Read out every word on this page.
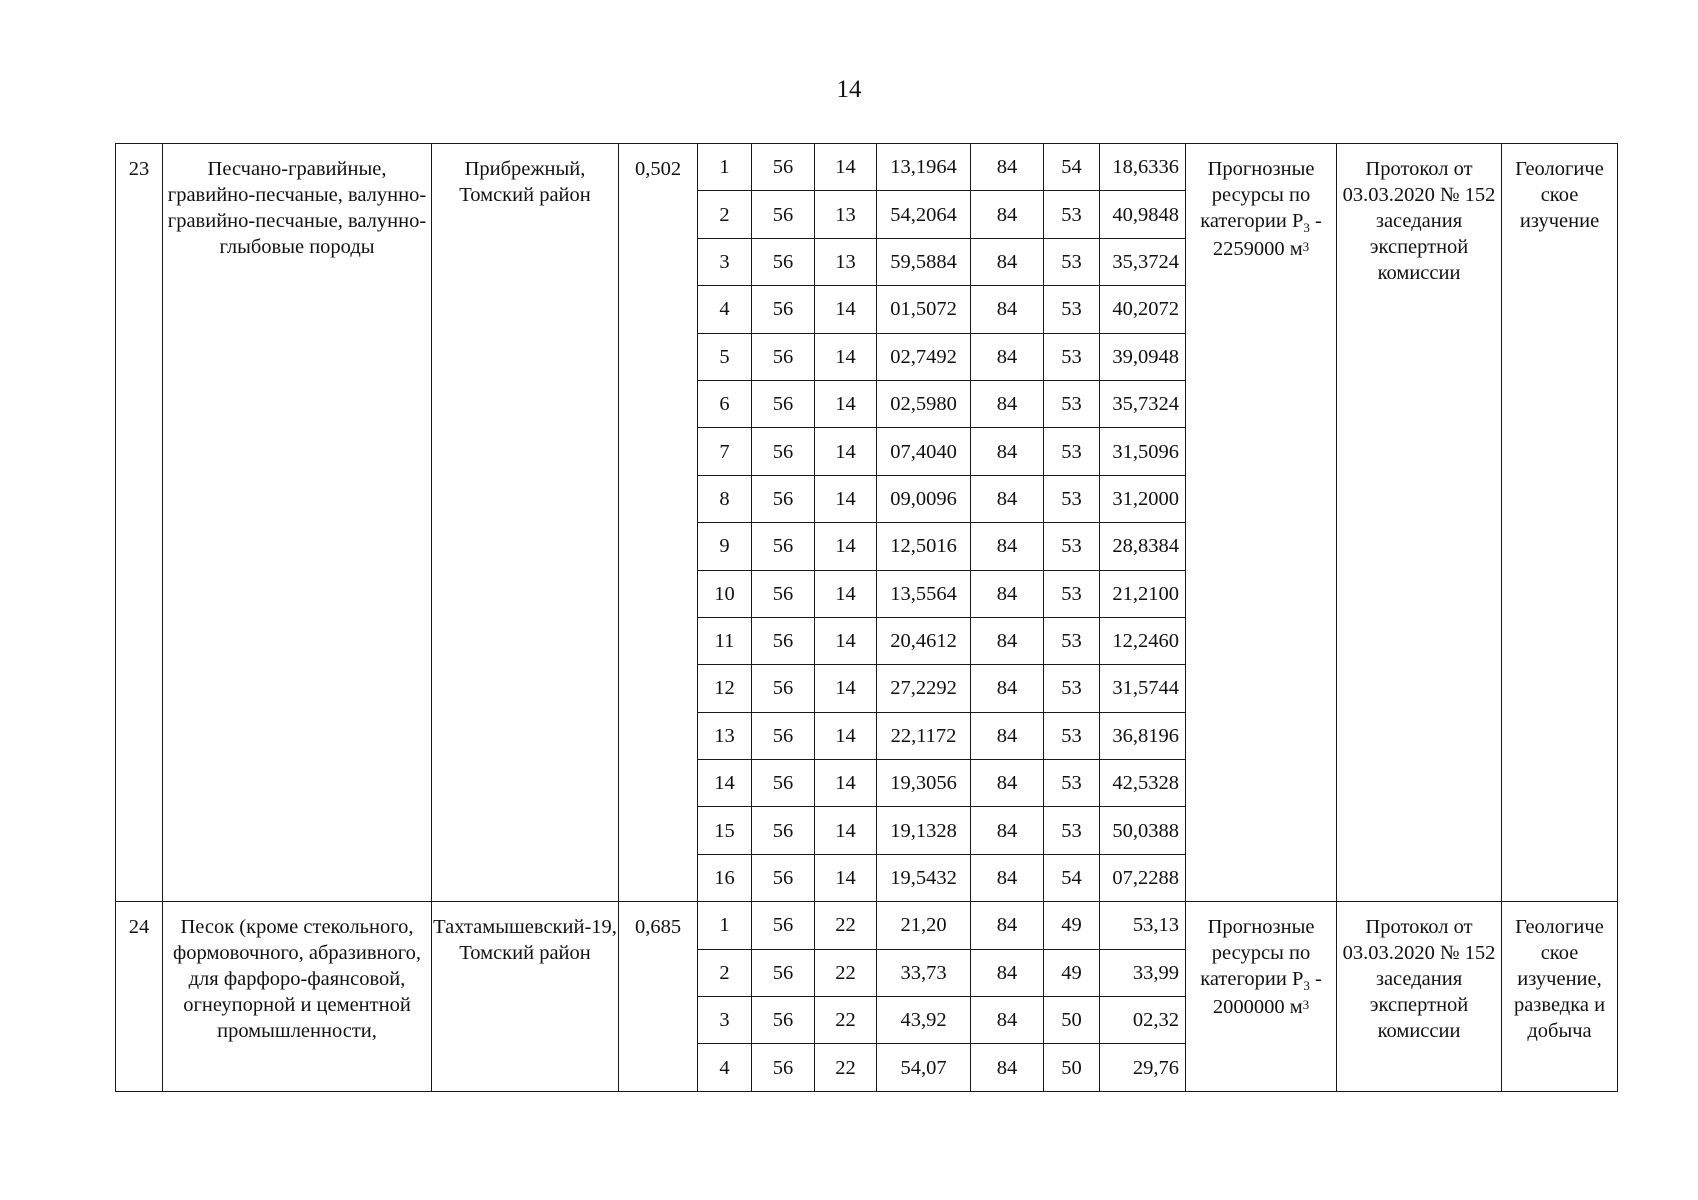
14
23	Песчано-гравийные, гравийно-песчаные, валунно-гравийно-песчаные, валунно-глыбовые породы	Прибрежный, Томский район	0,502	1	56	14	13,1964	84	54	18,6336	Прогнозные ресурсы по категории $Р_3 - 2259000$ $м^3$	Протокол от 03.03.2020 № 152 заседания экспертной комиссии	Геологиче ское изучение
				2	56	13	54,2064	84	53	40,9848			
				3	56	13	59,5884	84	53	35,3724			
				4	56	14	01,5072	84	53	40,2072			
				5	56	14	02,7492	84	53	39,0948			
				6	56	14	02,5980	84	53	35,7324			
				7	56	14	07,4040	84	53	31,5096			
				8	56	14	09,0096	84	53	31,2000			
				9	56	14	12,5016	84	53	28,8384			
				10	56	14	13,5564	84	53	21,2100			
				11	56	14	20,4612	84	53	12,2460			
				12	56	14	27,2292	84	53	31,5744			
				13	56	14	22,1172	84	53	36,8196			
				14	56	14	19,3056	84	53	42,5328			
				15	56	14	19,1328	84	53	50,0388			
				16	56	14	19,5432	84	54	07,2288			
24	Песок (кроме стекольного, формовочного, абразивного, для фарфоро-фаянсовой, огнеупорной и цементной промышленности,	Тахтамышевский-19, Томский район	0,685	1	56	22	21,20	84	49	53,13	Прогнозные ресурсы по категории $Р_3 - 2000000$ $м^3$	Протокол от 03.03.2020 № 152 заседания экспертной комиссии	Геологиче ское изучение, разведка и добыча
				2	56	22	33,73	84	49	33,99			
				3	56	22	43,92	84	50	02,32			
				4	56	22	54,07	84	50	29,76			
